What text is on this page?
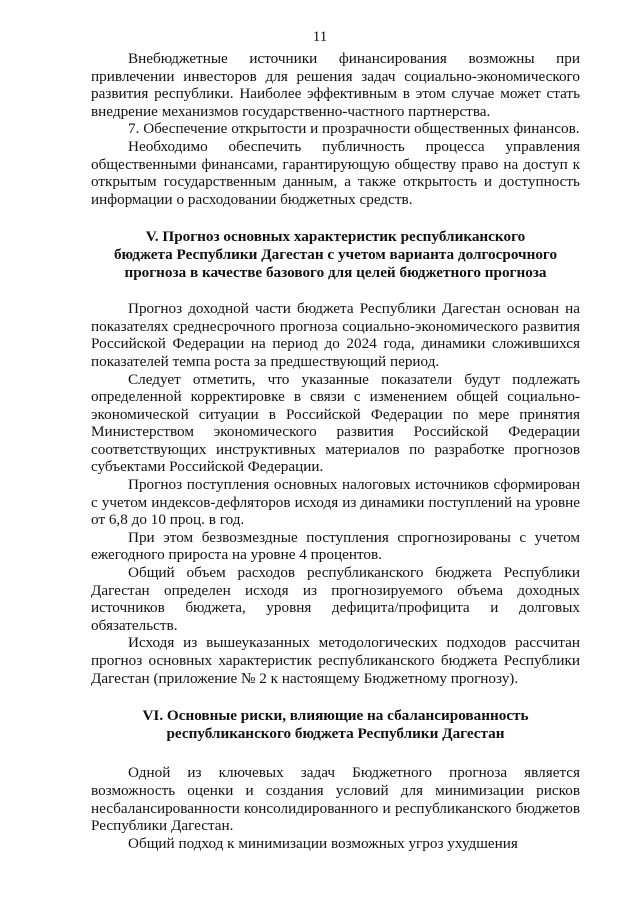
11

Внебюджетные источники финансирования возможны при привлечении инвесторов для решения задач социально-экономического развития республики. Наиболее эффективным в этом случае может стать внедрение механизмов государственно-частного партнерства.

7. Обеспечение открытости и прозрачности общественных финансов.

Необходимо обеспечить публичность процесса управления общественными финансами, гарантирующую обществу право на доступ к открытым государственным данным, а также открытость и доступность информации о расходовании бюджетных средств.

V. Прогноз основных характеристик республиканского
бюджета Республики Дагестан с учетом варианта долгосрочного
прогноза в качестве базового для целей бюджетного прогноза

Прогноз доходной части бюджета Республики Дагестан основан на показателях среднесрочного прогноза социально-экономического развития Российской Федерации на период до 2024 года, динамики сложившихся показателей темпа роста за предшествующий период.

Следует отметить, что указанные показатели будут подлежать определенной корректировке в связи с изменением общей социально-экономической ситуации в Российской Федерации по мере принятия Министерством экономического развития Российской Федерации соответствующих инструктивных материалов по разработке прогнозов субъектами Российской Федерации.

Прогноз поступления основных налоговых источников сформирован с учетом индексов-дефляторов исходя из динамики поступлений на уровне от 6,8 до 10 проц. в год.

При этом безвозмездные поступления спрогнозированы с учетом ежегодного прироста на уровне 4 процентов.

Общий объем расходов республиканского бюджета Республики Дагестан определен исходя из прогнозируемого объема доходных источников бюджета, уровня дефицита/профицита и долговых обязательств.

Исходя из вышеуказанных методологических подходов рассчитан прогноз основных характеристик республиканского бюджета Республики Дагестан (приложение № 2 к настоящему Бюджетному прогнозу).

VI. Основные риски, влияющие на сбалансированность
республиканского бюджета Республики Дагестан

Одной из ключевых задач Бюджетного прогноза является возможность оценки и создания условий для минимизации рисков несбалансированности консолидированного и республиканского бюджетов Республики Дагестан.

Общий подход к минимизации возможных угроз ухудшения
